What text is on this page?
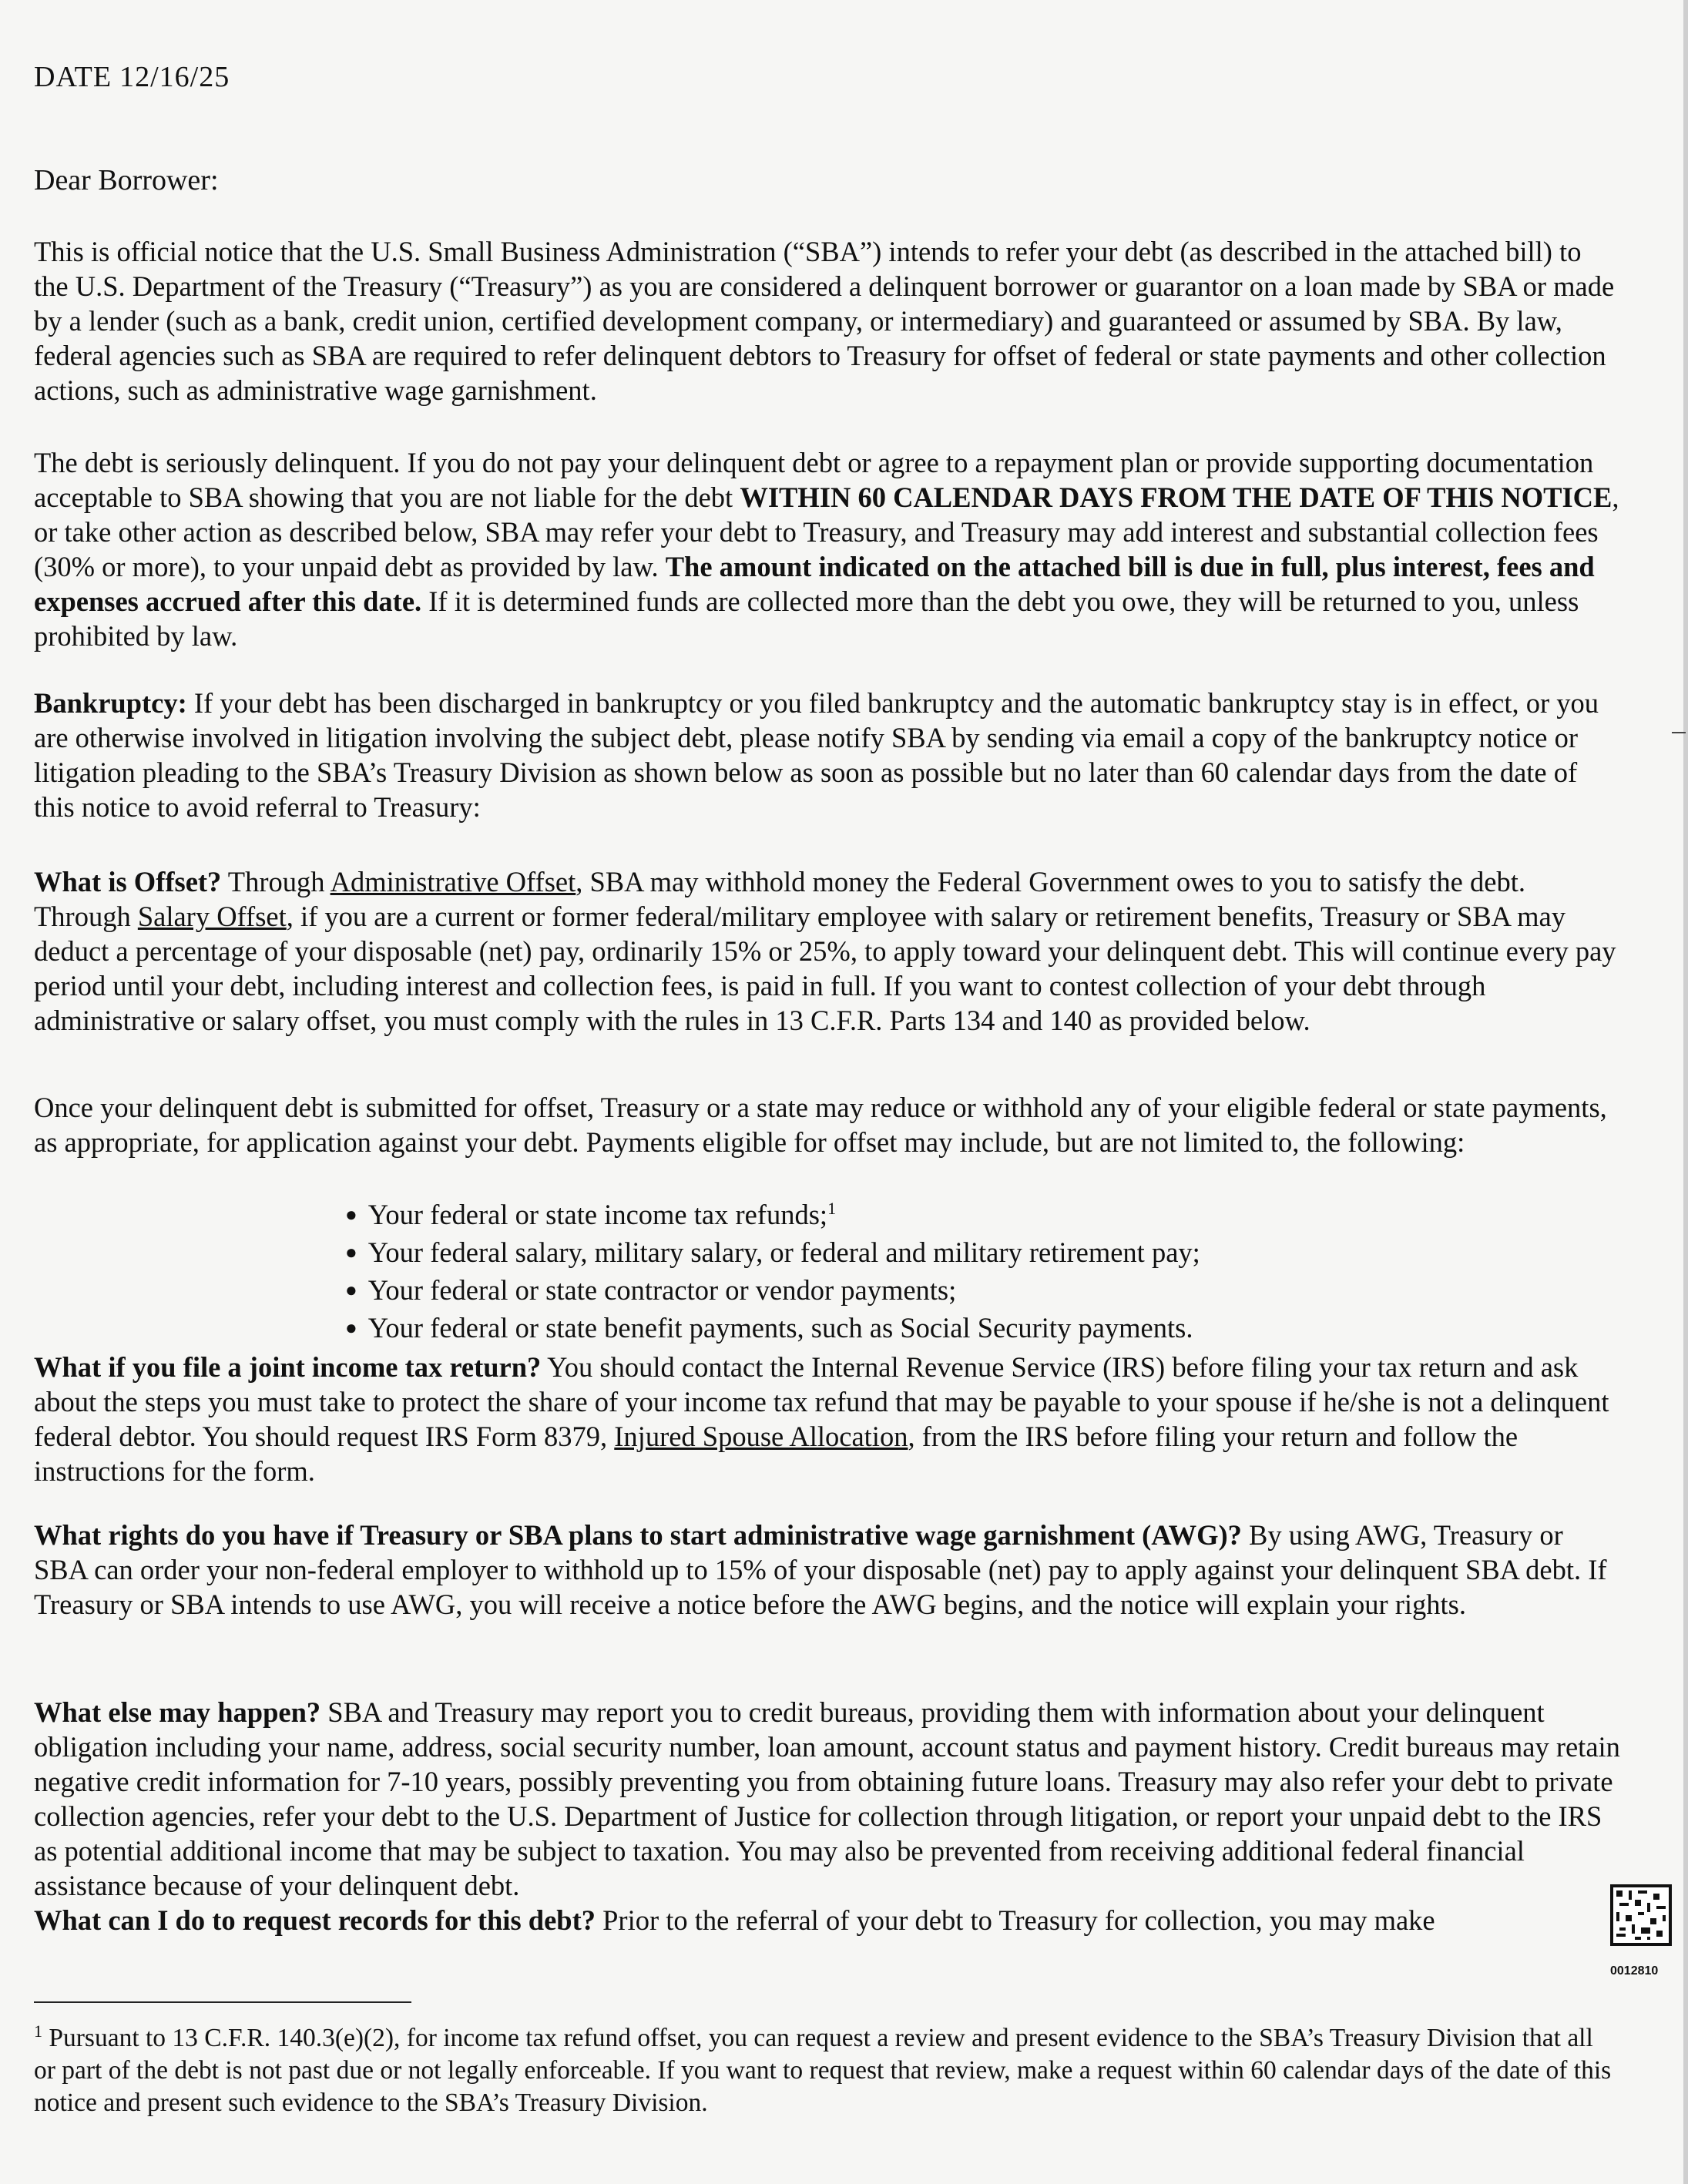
DATE 12/16/25
Dear Borrower:
This is official notice that the U.S. Small Business Administration (“SBA”) intends to refer your debt (as described in the attached bill) to the U.S. Department of the Treasury (“Treasury”) as you are considered a delinquent borrower or guarantor on a loan made by SBA or made by a lender (such as a bank, credit union, certified development company, or intermediary) and guaranteed or assumed by SBA. By law, federal agencies such as SBA are required to refer delinquent debtors to Treasury for offset of federal or state payments and other collection actions, such as administrative wage garnishment.
The debt is seriously delinquent. If you do not pay your delinquent debt or agree to a repayment plan or provide supporting documentation acceptable to SBA showing that you are not liable for the debt WITHIN 60 CALENDAR DAYS FROM THE DATE OF THIS NOTICE, or take other action as described below, SBA may refer your debt to Treasury, and Treasury may add interest and substantial collection fees (30% or more), to your unpaid debt as provided by law. The amount indicated on the attached bill is due in full, plus interest, fees and expenses accrued after this date. If it is determined funds are collected more than the debt you owe, they will be returned to you, unless prohibited by law.
Bankruptcy: If your debt has been discharged in bankruptcy or you filed bankruptcy and the automatic bankruptcy stay is in effect, or you are otherwise involved in litigation involving the subject debt, please notify SBA by sending via email a copy of the bankruptcy notice or litigation pleading to the SBA’s Treasury Division as shown below as soon as possible but no later than 60 calendar days from the date of this notice to avoid referral to Treasury:
What is Offset? Through Administrative Offset, SBA may withhold money the Federal Government owes to you to satisfy the debt. Through Salary Offset, if you are a current or former federal/military employee with salary or retirement benefits, Treasury or SBA may deduct a percentage of your disposable (net) pay, ordinarily 15% or 25%, to apply toward your delinquent debt. This will continue every pay period until your debt, including interest and collection fees, is paid in full. If you want to contest collection of your debt through administrative or salary offset, you must comply with the rules in 13 C.F.R. Parts 134 and 140 as provided below.
Once your delinquent debt is submitted for offset, Treasury or a state may reduce or withhold any of your eligible federal or state payments, as appropriate, for application against your debt. Payments eligible for offset may include, but are not limited to, the following:
● Your federal or state income tax refunds;$^1$
● Your federal salary, military salary, or federal and military retirement pay;
● Your federal or state contractor or vendor payments;
● Your federal or state benefit payments, such as Social Security payments.
What if you file a joint income tax return? You should contact the Internal Revenue Service (IRS) before filing your tax return and ask about the steps you must take to protect the share of your income tax refund that may be payable to your spouse if he/she is not a delinquent federal debtor. You should request IRS Form 8379, Injured Spouse Allocation, from the IRS before filing your return and follow the instructions for the form.
What rights do you have if Treasury or SBA plans to start administrative wage garnishment (AWG)? By using AWG, Treasury or SBA can order your non-federal employer to withhold up to 15% of your disposable (net) pay to apply against your delinquent SBA debt. If Treasury or SBA intends to use AWG, you will receive a notice before the AWG begins, and the notice will explain your rights.
What else may happen? SBA and Treasury may report you to credit bureaus, providing them with information about your delinquent obligation including your name, address, social security number, loan amount, account status and payment history. Credit bureaus may retain negative credit information for 7-10 years, possibly preventing you from obtaining future loans. Treasury may also refer your debt to private collection agencies, refer your debt to the U.S. Department of Justice for collection through litigation, or report your unpaid debt to the IRS as potential additional income that may be subject to taxation. You may also be prevented from receiving additional federal financial assistance because of your delinquent debt.
What can I do to request records for this debt? Prior to the referral of your debt to Treasury for collection, you may make
0012810
$^1$ Pursuant to 13 C.F.R. 140.3(e)(2), for income tax refund offset, you can request a review and present evidence to the SBA’s Treasury Division that all or part of the debt is not past due or not legally enforceable. If you want to request that review, make a request within 60 calendar days of the date of this notice and present such evidence to the SBA’s Treasury Division.
